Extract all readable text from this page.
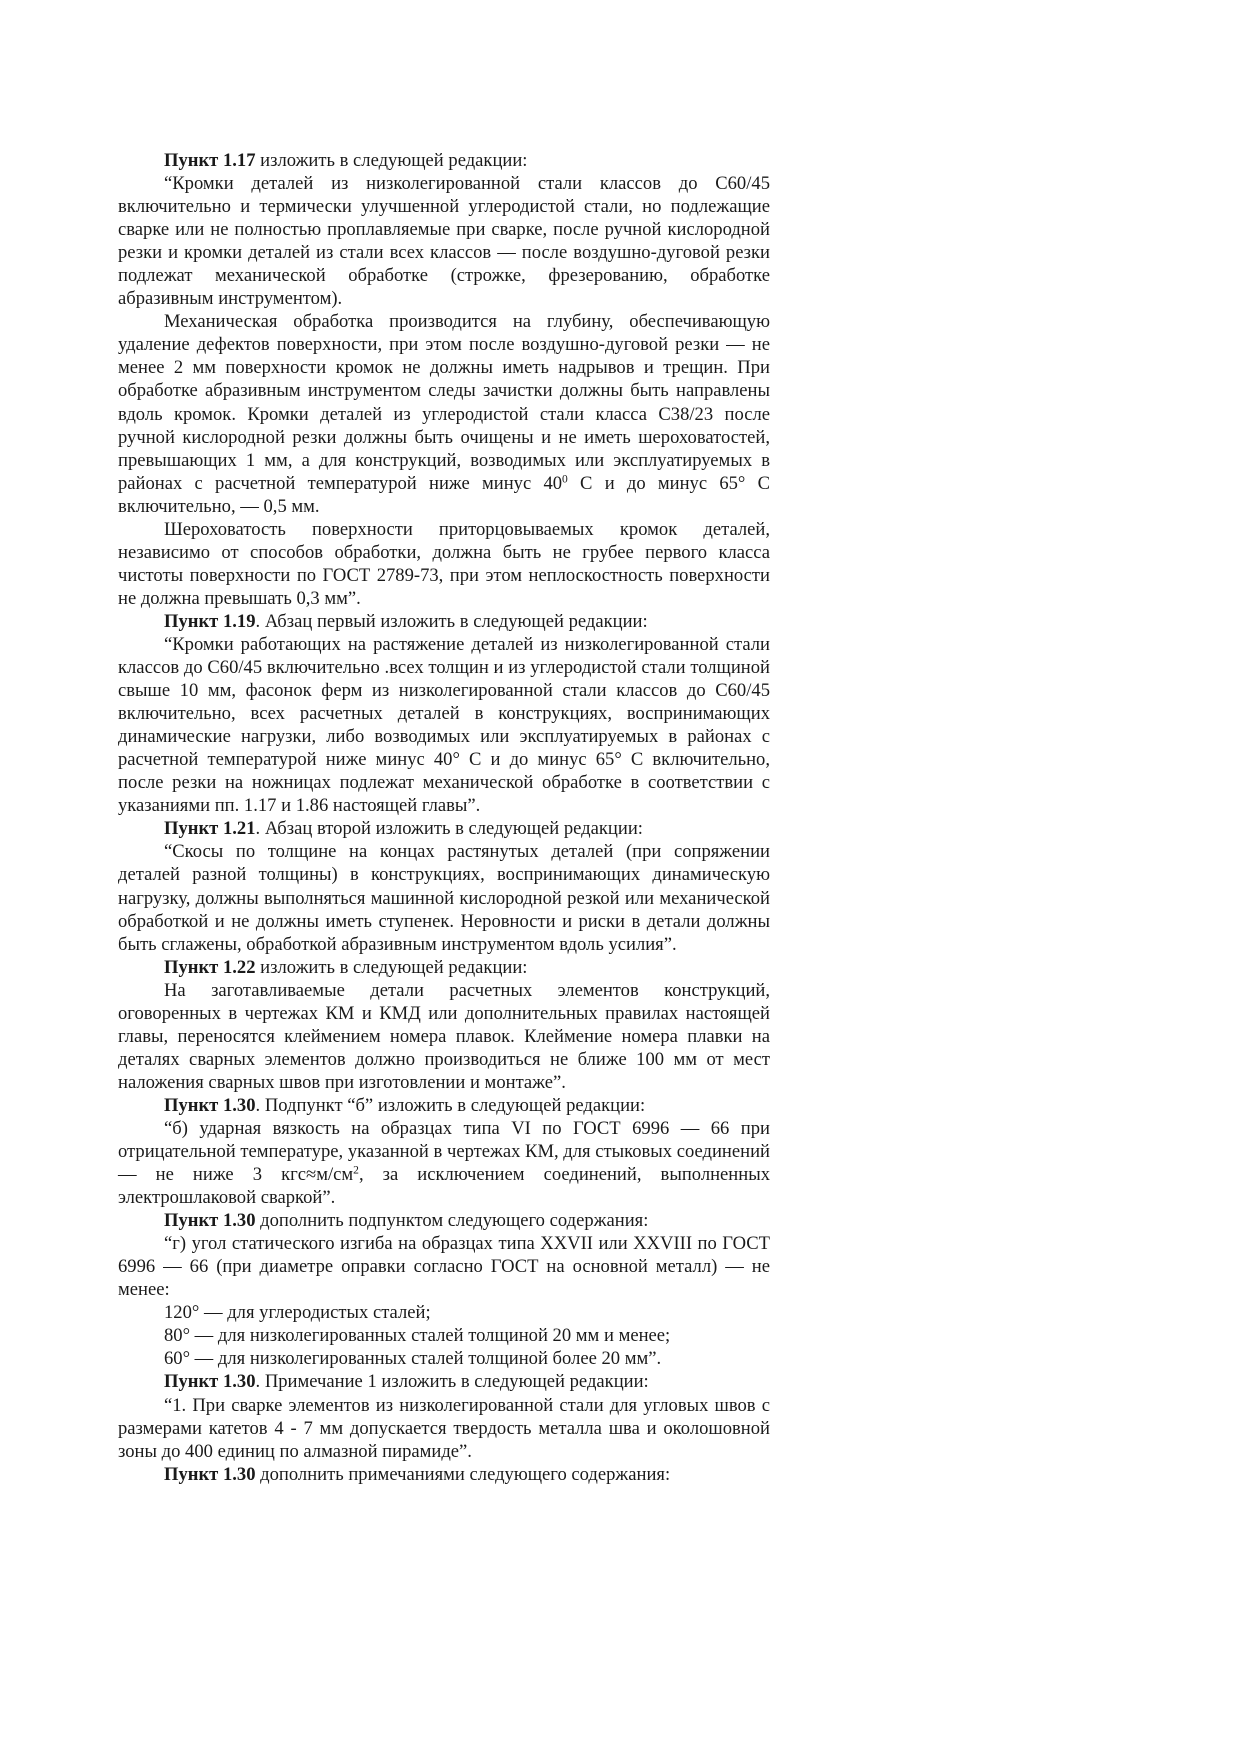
Пункт 1.17 изложить в следующей редакции:

“Кромки деталей из низколегированной стали классов до С60/45 включительно и термически улучшенной углеродистой стали, но подлежащие сварке или не полностью проплавляемые при сварке, после ручной кислородной резки и кромки деталей из стали всех классов — после воздушно-дуговой резки подлежат механической обработке (строжке, фрезерованию, обработке абразивным инструментом).

Механическая обработка производится на глубину, обеспечивающую удаление дефектов поверхности, при этом после воздушно-дуговой резки — не менее 2 мм поверхности кромок не должны иметь надрывов и трещин. При обработке абразивным инструментом следы зачистки должны быть направлены вдоль кромок. Кромки деталей из углеродистой стали класса С38/23 после ручной кислородной резки должны быть очищены и не иметь шероховатостей, превышающих 1 мм, а для конструкций, возводимых или эксплуатируемых в районах с расчетной температурой ниже минус $40^0$ С и до минус 65° С включительно, — 0,5 мм.

Шероховатость поверхности приторцовываемых кромок деталей, независимо от способов обработки, должна быть не грубее первого класса чистоты поверхности по ГОСТ 2789-73, при этом неплоскостность поверхности не должна превышать 0,3 мм”.

Пункт 1.19. Абзац первый изложить в следующей редакции:

“Кромки работающих на растяжение деталей из низколегированной стали классов до С60/45 включительно .всех толщин и из углеродистой стали толщиной свыше 10 мм, фасонок ферм из низколегированной стали классов до С60/45 включительно, всех расчетных деталей в конструкциях, воспринимающих динамические нагрузки, либо возводимых или эксплуатируемых в районах с расчетной температурой ниже минус 40° С и до минус 65° С включительно, после резки на ножницах подлежат механической обработке в соответствии с указаниями пп. 1.17 и 1.86 настоящей главы”.

Пункт 1.21. Абзац второй изложить в следующей редакции:

“Скосы по толщине на концах растянутых деталей (при сопряжении деталей разной толщины) в конструкциях, воспринимающих динамическую нагрузку, должны выполняться машинной кислородной резкой или механической обработкой и не должны иметь ступенек. Неровности и риски в детали должны быть сглажены, обработкой абразивным инструментом вдоль усилия”.

Пункт 1.22 изложить в следующей редакции:

На заготавливаемые детали расчетных элементов конструкций, оговоренных в чертежах КМ и КМД или дополнительных правилах настоящей главы, переносятся клеймением номера плавок. Клеймение номера плавки на деталях сварных элементов должно производиться не ближе 100 мм от мест наложения сварных швов при изготовлении и монтаже”.

Пункт 1.30. Подпункт “б” изложить в следующей редакции:

“б) ударная вязкость на образцах типа VI по ГОСТ 6996 — 66 при отрицательной температуре, указанной в чертежах КМ, для стыковых соединений — не ниже 3 $кгс\approx м/см^2$, за исключением соединений, выполненных электрошлаковой сваркой”.

Пункт 1.30 дополнить подпунктом следующего содержания:

“г) угол статического изгиба на образцах типа XXVII или XXVIII по ГОСТ 6996 — 66 (при диаметре оправки согласно ГОСТ на основной металл) — не менее:

120° — для углеродистых сталей;

80° — для низколегированных сталей толщиной 20 мм и менее;

60° — для низколегированных сталей толщиной более 20 мм”.

Пункт 1.30. Примечание 1 изложить в следующей редакции:

“1. При сварке элементов из низколегированной стали для угловых швов с размерами катетов 4 - 7 мм допускается твердость металла шва и околошовной зоны до 400 единиц по алмазной пирамиде”.

Пункт 1.30 дополнить примечаниями следующего содержания:
